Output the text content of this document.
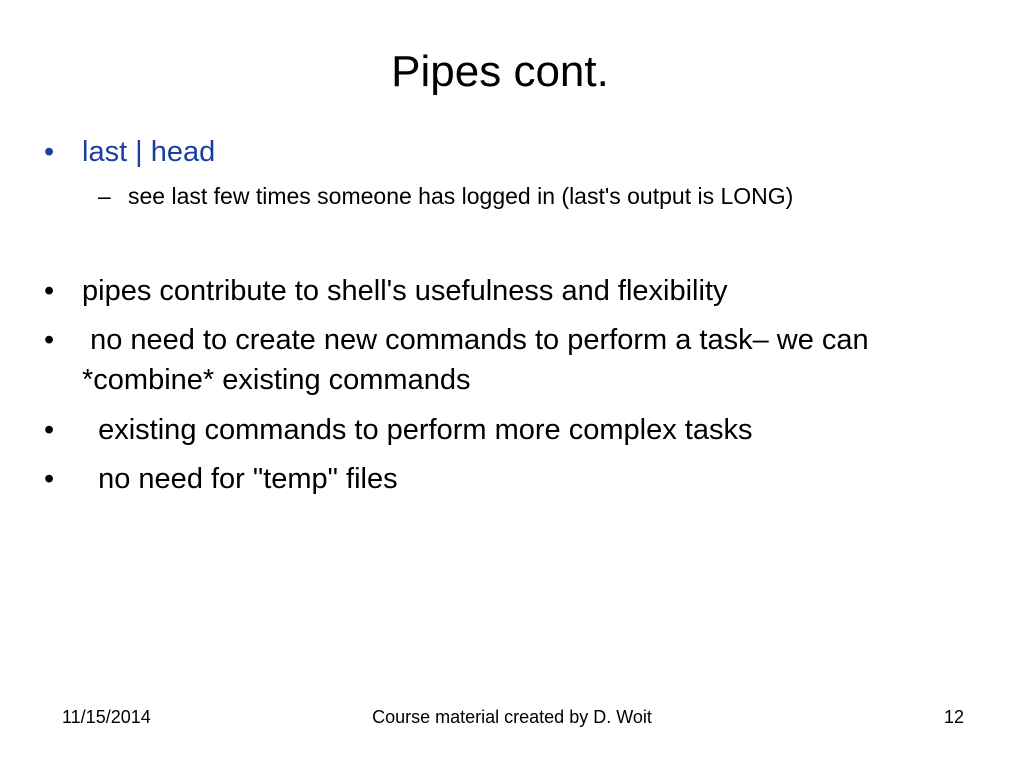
Pipes cont.
• last | head
– see last few times someone has logged in (last's output is LONG)
• pipes contribute to shell's usefulness and flexibility
• no need to create new commands to perform a task– we can *combine* existing commands
• existing commands to perform more complex tasks
• no need for "temp" files
11/15/2014	Course material created by D. Woit	12
